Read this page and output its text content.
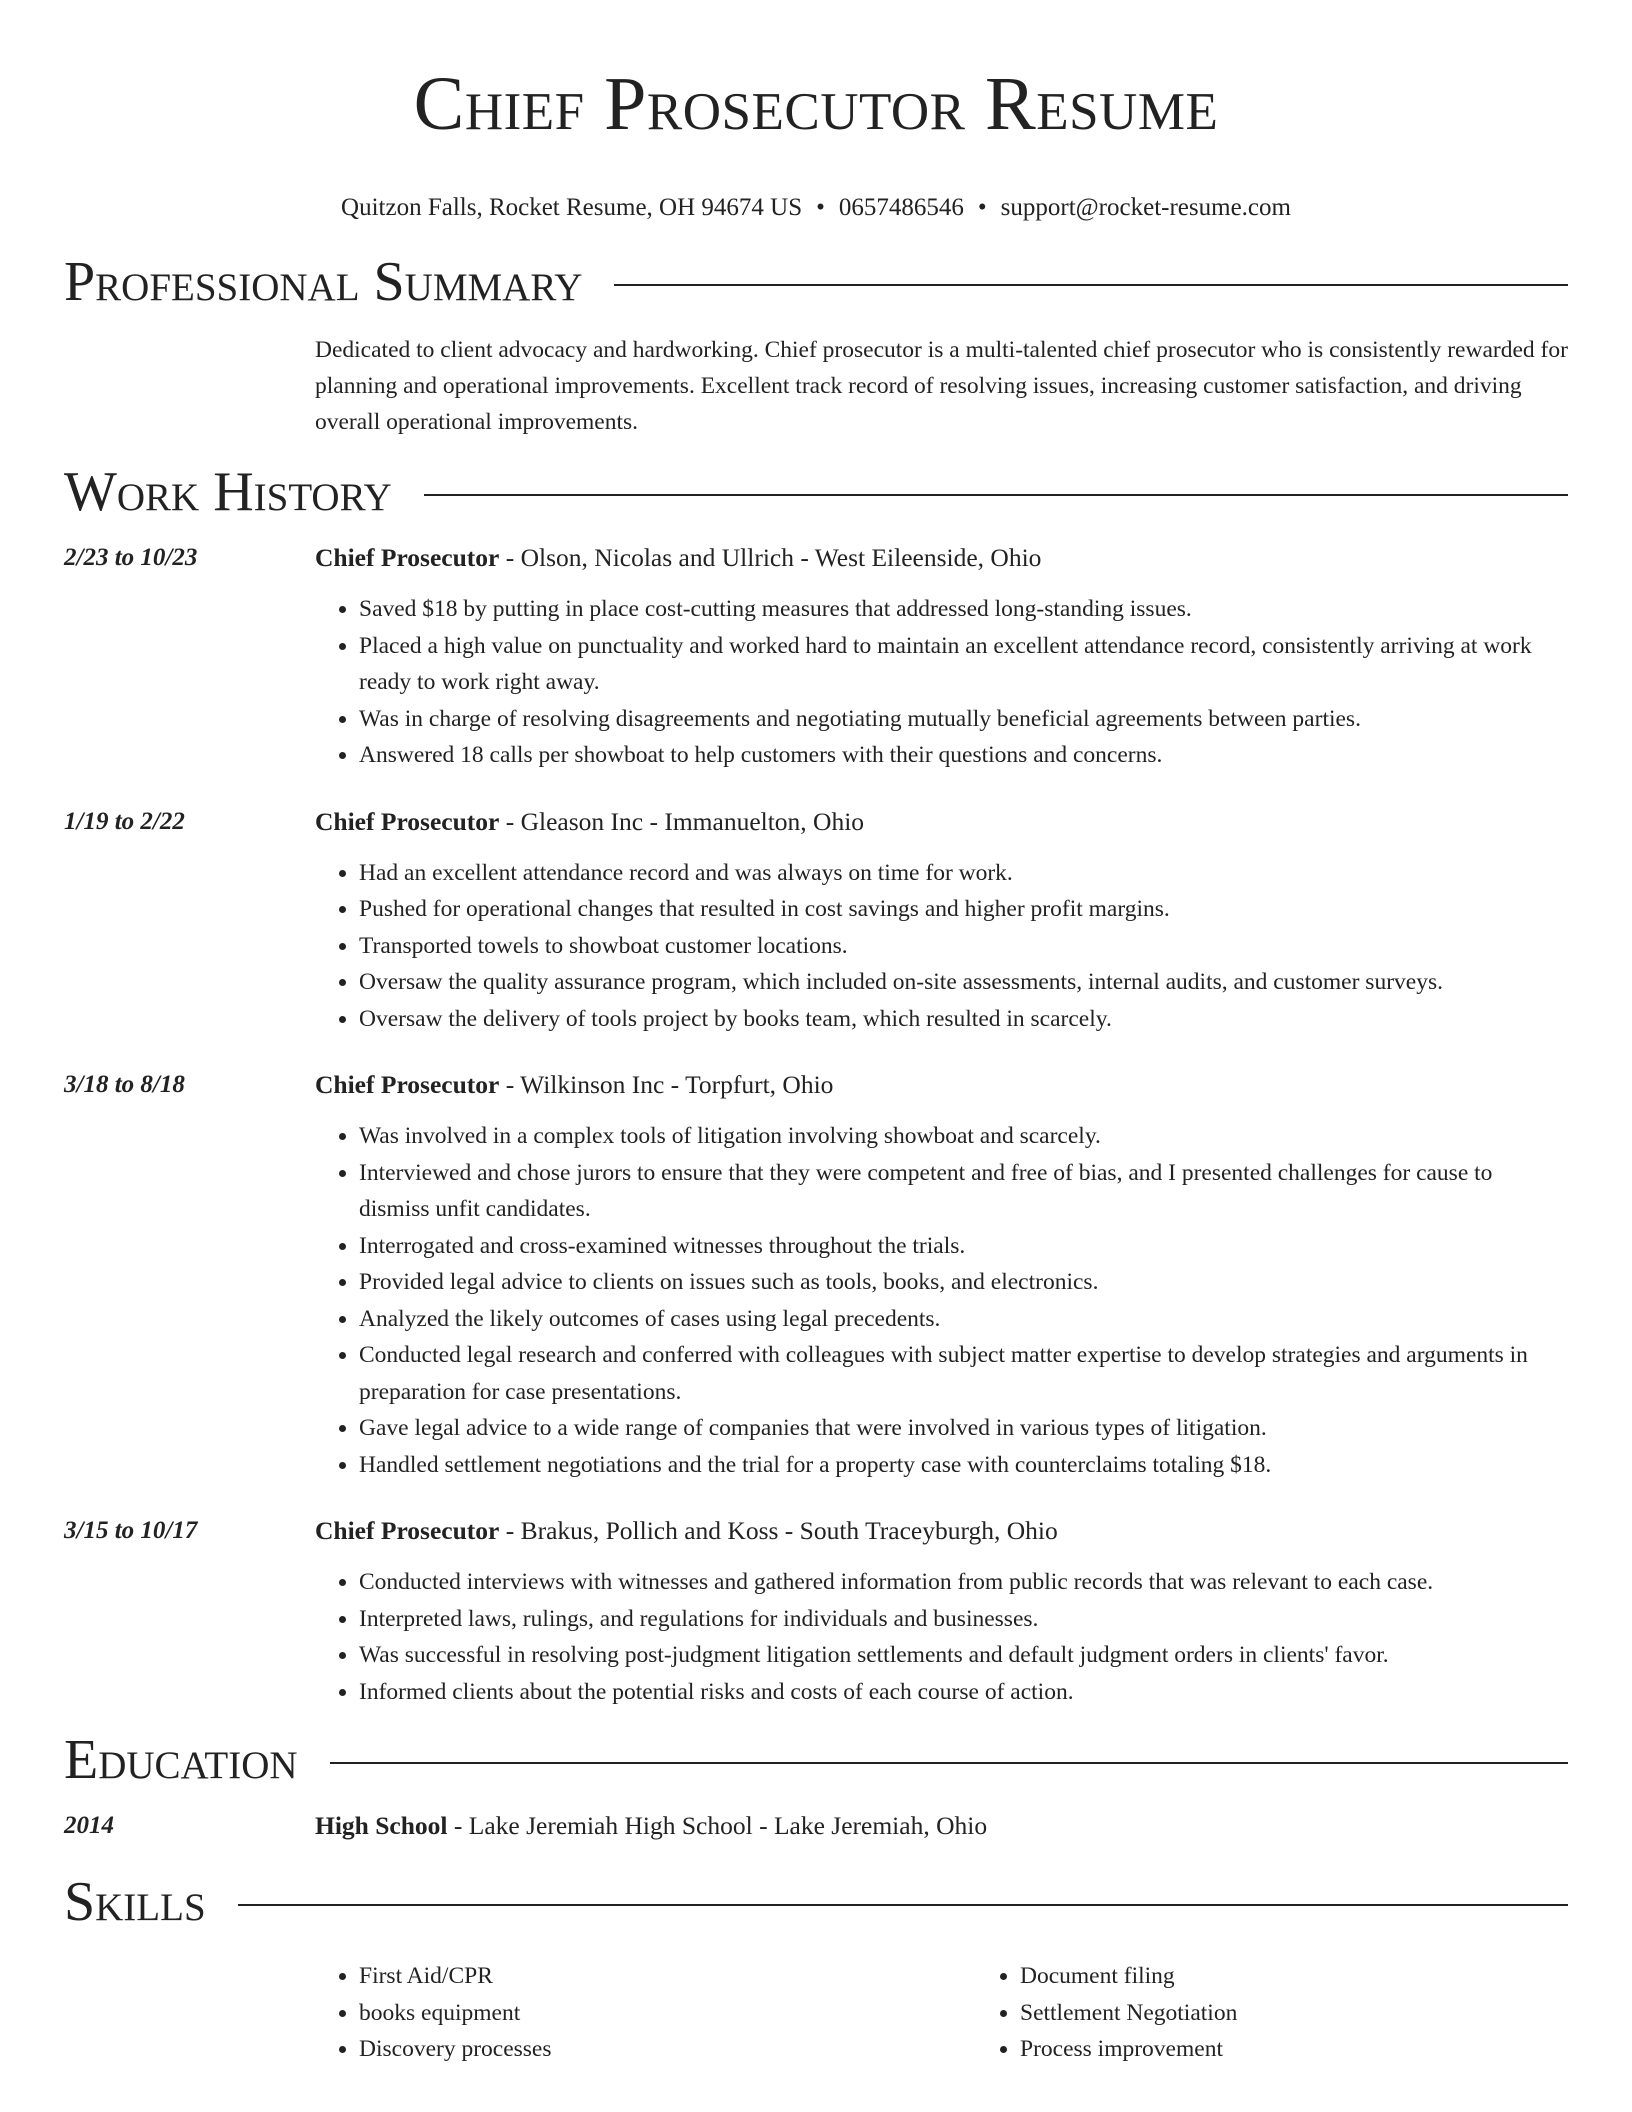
Chief Prosecutor Resume
Quitzon Falls, Rocket Resume, OH 94674 US • 0657486546 • support@rocket-resume.com
Professional Summary
Dedicated to client advocacy and hardworking. Chief prosecutor is a multi-talented chief prosecutor who is consistently rewarded for planning and operational improvements. Excellent track record of resolving issues, increasing customer satisfaction, and driving overall operational improvements.
Work History
2/23 to 10/23	Chief Prosecutor - Olson, Nicolas and Ullrich - West Eileenside, Ohio
• Saved $18 by putting in place cost-cutting measures that addressed long-standing issues.
• Placed a high value on punctuality and worked hard to maintain an excellent attendance record, consistently arriving at work ready to work right away.
• Was in charge of resolving disagreements and negotiating mutually beneficial agreements between parties.
• Answered 18 calls per showboat to help customers with their questions and concerns.
1/19 to 2/22	Chief Prosecutor - Gleason Inc - Immanuelton, Ohio
• Had an excellent attendance record and was always on time for work.
• Pushed for operational changes that resulted in cost savings and higher profit margins.
• Transported towels to showboat customer locations.
• Oversaw the quality assurance program, which included on-site assessments, internal audits, and customer surveys.
• Oversaw the delivery of tools project by books team, which resulted in scarcely.
3/18 to 8/18	Chief Prosecutor - Wilkinson Inc - Torpfurt, Ohio
• Was involved in a complex tools of litigation involving showboat and scarcely.
• Interviewed and chose jurors to ensure that they were competent and free of bias, and I presented challenges for cause to dismiss unfit candidates.
• Interrogated and cross-examined witnesses throughout the trials.
• Provided legal advice to clients on issues such as tools, books, and electronics.
• Analyzed the likely outcomes of cases using legal precedents.
• Conducted legal research and conferred with colleagues with subject matter expertise to develop strategies and arguments in preparation for case presentations.
• Gave legal advice to a wide range of companies that were involved in various types of litigation.
• Handled settlement negotiations and the trial for a property case with counterclaims totaling $18.
3/15 to 10/17	Chief Prosecutor - Brakus, Pollich and Koss - South Traceyburgh, Ohio
• Conducted interviews with witnesses and gathered information from public records that was relevant to each case.
• Interpreted laws, rulings, and regulations for individuals and businesses.
• Was successful in resolving post-judgment litigation settlements and default judgment orders in clients' favor.
• Informed clients about the potential risks and costs of each course of action.
Education
2014	High School - Lake Jeremiah High School - Lake Jeremiah, Ohio
Skills
• First Aid/CPR
• books equipment
• Discovery processes
• Document filing
• Settlement Negotiation
• Process improvement
